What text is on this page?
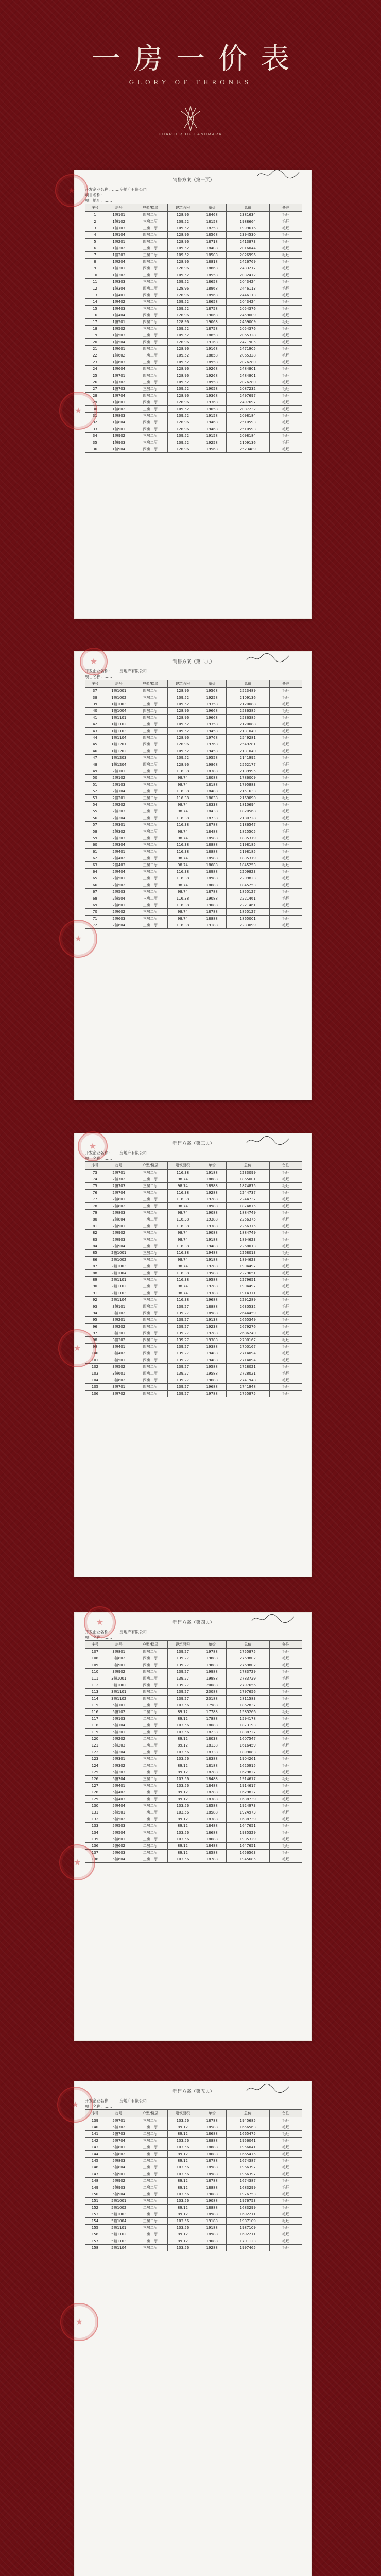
一房一价表
GLORY OF THRONES
CHARTER OF LANDMARK
销售方案（第一页）
开发企业名称：……房地产有限公司
项目名称：……
项目地址：……
序号	房号	户型/楼层	建筑面积	单价	总价	备注
1	1幢101	四房二厅	128.96	18468	2381634	毛坯
2	1幢102	三房二厅	109.52	18158	1988664	毛坯
3	1幢103	三房二厅	109.52	18258	1999616	毛坯
4	1幢104	四房二厅	128.96	18568	2394530	毛坯
5	1幢201	四房二厅	128.96	18718	2413873	毛坯
6	1幢202	三房二厅	109.52	18408	2016044	毛坯
7	1幢203	三房二厅	109.52	18508	2026996	毛坯
8	1幢204	四房二厅	128.96	18818	2426769	毛坯
9	1幢301	四房二厅	128.96	18868	2433217	毛坯
10	1幢302	三房二厅	109.52	18558	2032472	毛坯
11	1幢303	三房二厅	109.52	18658	2043424	毛坯
12	1幢304	四房二厅	128.96	18968	2446113	毛坯
13	1幢401	四房二厅	128.96	18968	2446113	毛坯
14	1幢402	三房二厅	109.52	18658	2043424	毛坯
15	1幢403	三房二厅	109.52	18758	2054376	毛坯
16	1幢404	四房二厅	128.96	19068	2459009	毛坯
17	1幢501	四房二厅	128.96	19068	2459009	毛坯
18	1幢502	三房二厅	109.52	18758	2054376	毛坯
19	1幢503	三房二厅	109.52	18858	2065328	毛坯
20	1幢504	四房二厅	128.96	19168	2471905	毛坯
21	1幢601	四房二厅	128.96	19168	2471905	毛坯
22	1幢602	三房二厅	109.52	18858	2065328	毛坯
23	1幢603	三房二厅	109.52	18958	2076280	毛坯
24	1幢604	四房二厅	128.96	19268	2484801	毛坯
25	1幢701	四房二厅	128.96	19268	2484801	毛坯
26	1幢702	三房二厅	109.52	18958	2076280	毛坯
27	1幢703	三房二厅	109.52	19058	2087232	毛坯
28	1幢704	四房二厅	128.96	19368	2497697	毛坯
29	1幢801	四房二厅	128.96	19368	2497697	毛坯
30	1幢802	三房二厅	109.52	19058	2087232	毛坯
31	1幢803	三房二厅	109.52	19158	2098184	毛坯
32	1幢804	四房二厅	128.96	19468	2510593	毛坯
33	1幢901	四房二厅	128.96	19468	2510593	毛坯
34	1幢902	三房二厅	109.52	19158	2098184	毛坯
35	1幢903	三房二厅	109.52	19258	2109136	毛坯
36	1幢904	四房二厅	128.96	19568	2523489	毛坯
★
★
销售方案（第二页）
开发企业名称：……房地产有限公司
项目名称：……
序号	房号	户型/楼层	建筑面积	单价	总价	备注
37	1幢1001	四房二厅	128.96	19568	2523489	毛坯
38	1幢1002	三房二厅	109.52	19258	2109136	毛坯
39	1幢1003	三房二厅	109.52	19358	2120088	毛坯
40	1幢1004	四房二厅	128.96	19668	2536385	毛坯
41	1幢1101	四房二厅	128.96	19668	2536385	毛坯
42	1幢1102	三房二厅	109.52	19358	2120088	毛坯
43	1幢1103	三房二厅	109.52	19458	2131040	毛坯
44	1幢1104	四房二厅	128.96	19768	2549281	毛坯
45	1幢1201	四房二厅	128.96	19768	2549281	毛坯
46	1幢1202	三房二厅	109.52	19458	2131040	毛坯
47	1幢1203	三房二厅	109.52	19558	2141992	毛坯
48	1幢1204	四房二厅	128.96	19868	2562177	毛坯
49	2幢101	三房二厅	116.38	18388	2139995	毛坯
50	2幢102	三房二厅	98.74	18088	1786009	毛坯
51	2幢103	三房二厅	98.74	18188	1795883	毛坯
52	2幢104	三房二厅	116.38	18488	2151633	毛坯
53	2幢201	三房二厅	116.38	18638	2169090	毛坯
54	2幢202	三房二厅	98.74	18338	1810694	毛坯
55	2幢203	三房二厅	98.74	18438	1820568	毛坯
56	2幢204	三房二厅	116.38	18738	2180728	毛坯
57	2幢301	三房二厅	116.38	18788	2186547	毛坯
58	2幢302	三房二厅	98.74	18488	1825505	毛坯
59	2幢303	三房二厅	98.74	18588	1835379	毛坯
60	2幢304	三房二厅	116.38	18888	2198185	毛坯
61	2幢401	三房二厅	116.38	18888	2198185	毛坯
62	2幢402	三房二厅	98.74	18588	1835379	毛坯
63	2幢403	三房二厅	98.74	18688	1845253	毛坯
64	2幢404	三房二厅	116.38	18988	2209823	毛坯
65	2幢501	三房二厅	116.38	18988	2209823	毛坯
66	2幢502	三房二厅	98.74	18688	1845253	毛坯
67	2幢503	三房二厅	98.74	18788	1855127	毛坯
68	2幢504	三房二厅	116.38	19088	2221461	毛坯
69	2幢601	三房二厅	116.38	19088	2221461	毛坯
70	2幢602	三房二厅	98.74	18788	1855127	毛坯
71	2幢603	三房二厅	98.74	18888	1865001	毛坯
72	2幢604	三房二厅	116.38	19188	2233099	毛坯
★
★
销售方案（第三页）
开发企业名称：……房地产有限公司
项目名称：……
序号	房号	户型/楼层	建筑面积	单价	总价	备注
73	2幢701	三房二厅	116.38	19188	2233099	毛坯
74	2幢702	三房二厅	98.74	18888	1865001	毛坯
75	2幢703	三房二厅	98.74	18988	1874875	毛坯
76	2幢704	三房二厅	116.38	19288	2244737	毛坯
77	2幢801	三房二厅	116.38	19288	2244737	毛坯
78	2幢802	三房二厅	98.74	18988	1874875	毛坯
79	2幢803	三房二厅	98.74	19088	1884749	毛坯
80	2幢804	三房二厅	116.38	19388	2256375	毛坯
81	2幢901	三房二厅	116.38	19388	2256375	毛坯
82	2幢902	三房二厅	98.74	19088	1884749	毛坯
83	2幢903	三房二厅	98.74	19188	1894623	毛坯
84	2幢904	三房二厅	116.38	19488	2268013	毛坯
85	2幢1001	三房二厅	116.38	19488	2268013	毛坯
86	2幢1002	三房二厅	98.74	19188	1894623	毛坯
87	2幢1003	三房二厅	98.74	19288	1904497	毛坯
88	2幢1004	三房二厅	116.38	19588	2279651	毛坯
89	2幢1101	三房二厅	116.38	19588	2279651	毛坯
90	2幢1102	三房二厅	98.74	19288	1904497	毛坯
91	2幢1103	三房二厅	98.74	19388	1914371	毛坯
92	2幢1104	三房二厅	116.38	19688	2291289	毛坯
93	3幢101	四房二厅	139.27	18888	2630532	毛坯
94	3幢102	四房二厅	139.27	18988	2644459	毛坯
95	3幢201	四房二厅	139.27	19138	2665349	毛坯
96	3幢202	四房二厅	139.27	19238	2679276	毛坯
97	3幢301	四房二厅	139.27	19288	2686240	毛坯
98	3幢302	四房二厅	139.27	19388	2700167	毛坯
99	3幢401	四房二厅	139.27	19388	2700167	毛坯
100	3幢402	四房二厅	139.27	19488	2714094	毛坯
101	3幢501	四房二厅	139.27	19488	2714094	毛坯
102	3幢502	四房二厅	139.27	19588	2728021	毛坯
103	3幢601	四房二厅	139.27	19588	2728021	毛坯
104	3幢602	四房二厅	139.27	19688	2741948	毛坯
105	3幢701	四房二厅	139.27	19688	2741948	毛坯
106	3幢702	四房二厅	139.27	19788	2755875	毛坯
★
★
销售方案（第四页）
开发企业名称：……房地产有限公司
项目名称：……
序号	房号	户型/楼层	建筑面积	单价	总价	备注
107	3幢801	四房二厅	139.27	19788	2755875	毛坯
108	3幢802	四房二厅	139.27	19888	2769802	毛坯
109	3幢901	四房二厅	139.27	19888	2769802	毛坯
110	3幢902	四房二厅	139.27	19988	2783729	毛坯
111	3幢1001	四房二厅	139.27	19988	2783729	毛坯
112	3幢1002	四房二厅	139.27	20088	2797656	毛坯
113	3幢1101	四房二厅	139.27	20088	2797656	毛坯
114	3幢1102	四房二厅	139.27	20188	2811583	毛坯
115	5幢101	三房二厅	103.56	17988	1862837	毛坯
116	5幢102	二房二厅	89.12	17788	1585266	毛坯
117	5幢103	二房二厅	89.12	17888	1594178	毛坯
118	5幢104	三房二厅	103.56	18088	1873193	毛坯
119	5幢201	三房二厅	103.56	18238	1888727	毛坯
120	5幢202	二房二厅	89.12	18038	1607547	毛坯
121	5幢203	二房二厅	89.12	18138	1616459	毛坯
122	5幢204	三房二厅	103.56	18338	1899083	毛坯
123	5幢301	三房二厅	103.56	18388	1904261	毛坯
124	5幢302	二房二厅	89.12	18188	1620915	毛坯
125	5幢303	二房二厅	89.12	18288	1629827	毛坯
126	5幢304	三房二厅	103.56	18488	1914617	毛坯
127	5幢401	三房二厅	103.56	18488	1914617	毛坯
128	5幢402	二房二厅	89.12	18288	1629827	毛坯
129	5幢403	二房二厅	89.12	18388	1638739	毛坯
130	5幢404	三房二厅	103.56	18588	1924973	毛坯
131	5幢501	三房二厅	103.56	18588	1924973	毛坯
132	5幢502	二房二厅	89.12	18388	1638739	毛坯
133	5幢503	二房二厅	89.12	18488	1647651	毛坯
134	5幢504	三房二厅	103.56	18688	1935329	毛坯
135	5幢601	三房二厅	103.56	18688	1935329	毛坯
136	5幢602	二房二厅	89.12	18488	1647651	毛坯
137	5幢603	二房二厅	89.12	18588	1656563	毛坯
138	5幢604	三房二厅	103.56	18788	1945685	毛坯
★
★
销售方案（第五页）
开发企业名称：……房地产有限公司
项目名称：……
序号	房号	户型/楼层	建筑面积	单价	总价	备注
139	5幢701	三房二厅	103.56	18788	1945685	毛坯
140	5幢702	二房二厅	89.12	18588	1656563	毛坯
141	5幢703	二房二厅	89.12	18688	1665475	毛坯
142	5幢704	三房二厅	103.56	18888	1956041	毛坯
143	5幢801	三房二厅	103.56	18888	1956041	毛坯
144	5幢802	二房二厅	89.12	18688	1665475	毛坯
145	5幢803	二房二厅	89.12	18788	1674387	毛坯
146	5幢804	三房二厅	103.56	18988	1966397	毛坯
147	5幢901	三房二厅	103.56	18988	1966397	毛坯
148	5幢902	二房二厅	89.12	18788	1674387	毛坯
149	5幢903	二房二厅	89.12	18888	1683299	毛坯
150	5幢904	三房二厅	103.56	19088	1976753	毛坯
151	5幢1001	三房二厅	103.56	19088	1976753	毛坯
152	5幢1002	二房二厅	89.12	18888	1683299	毛坯
153	5幢1003	二房二厅	89.12	18988	1692211	毛坯
154	5幢1004	三房二厅	103.56	19188	1987109	毛坯
155	5幢1101	三房二厅	103.56	19188	1987109	毛坯
156	5幢1102	二房二厅	89.12	18988	1692211	毛坯
157	5幢1103	二房二厅	89.12	19088	1701123	毛坯
158	5幢1104	三房二厅	103.56	19288	1997465	毛坯
★
★
